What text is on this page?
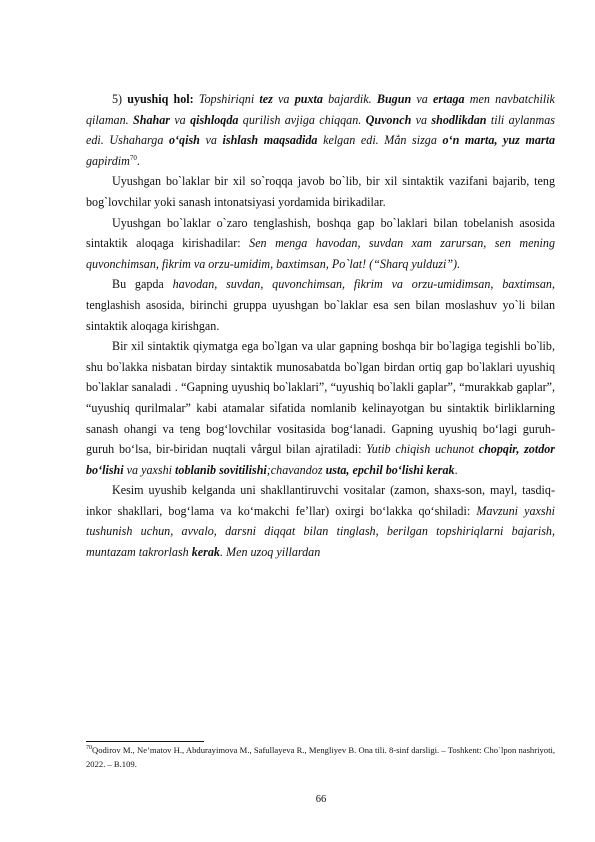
5) uyushiq hol: Topshiriqni tez va puxta bajardik. Bugun va ertaga men navbatchilik qilaman. Shahar va qishloqda qurilish avjiga chiqqan. Quvonch va shodlikdan tili aylanmas edi. Ushaharga o‘qish va ishlash maqsadida kelgan edi. Mẳn sizga o‘n marta, yuz marta gapirdim$^{70}$.

Uyushgan bo`laklar bir xil so`roqqa javob bo`lib, bir xil sintaktik vazifani bajarib, teng bog`lovchilar yoki sanash intonatsiyasi yordamida birikadilar.

Uyushgan bo`laklar o`zaro tenglashish, boshqa gap bo`laklari bilan tobelanish asosida sintaktik aloqaga kirishadilar: Sen menga havodan, suvdan xam zarursan, sen mening quvonchimsan, fikrim va orzu-umidim, baxtimsan, Po`lat! (“Sharq yulduzi”).

Bu gapda havodan, suvdan, quvonchimsan, fikrim va orzu-umidimsan, baxtimsan, tenglashish asosida, birinchi gruppa uyushgan bo`laklar esa sen bilan moslashuv yo`li bilan sintaktik aloqaga kirishgan.

Bir xil sintaktik qiymatga ega bo‵lgan va ular gapning boshqa bir bo‵lagiga tegishli bo‵lib, shu bo‵lakka nisbatan birday sintaktik munosabatda bo‵lgan birdan ortiq gap bo‵laklari uyushiq bo‵laklar sanaladi . “Gapning uyushiq bo‵laklari”, “uyushiq bo‵lakli gaplar”, “murakkab gaplar”, “uyushiq qurilmalar” kabi atamalar sifatida nomlanib kelinayotgan bu sintaktik birliklarning sanash ohangi va teng bog‘lovchilar vositasida bog‘lanadi. Gapning uyushiq bo‘lagi guruh-guruh bo‘lsa, bir-biridan nuqtali vẳrgul bilan ajratiladi: Yutib chiqish uchunot chopqir, zotdor bo‘lishi va yaxshi toblanib sovitilishi;chavandoz usta, epchil bo‘lishi kerak.

Kesim uyushib kelganda uni shakllantiruvchi vositalar (zamon, shaxs-son, mayl, tasdiq-inkor shakllari, bog‘lama va ko‘makchi fe’llar) oxirgi bo‘lakka qo‘shiladi: Mavzuni yaxshi tushunish uchun, avvalo, darsni diqqat bilan tinglash, berilgan topshiriqlarni bajarish, muntazam takrorlash kerak. Men uzoq yillardan

$^{70}$Qodirov M., Ne’matov H., Abdurayimova M., Safullayeva R., Mengliyev B. Ona tili. 8-sinf darsligi. – Toshkent: Cho`lpon nashriyoti, 2022. – B.109.
66
